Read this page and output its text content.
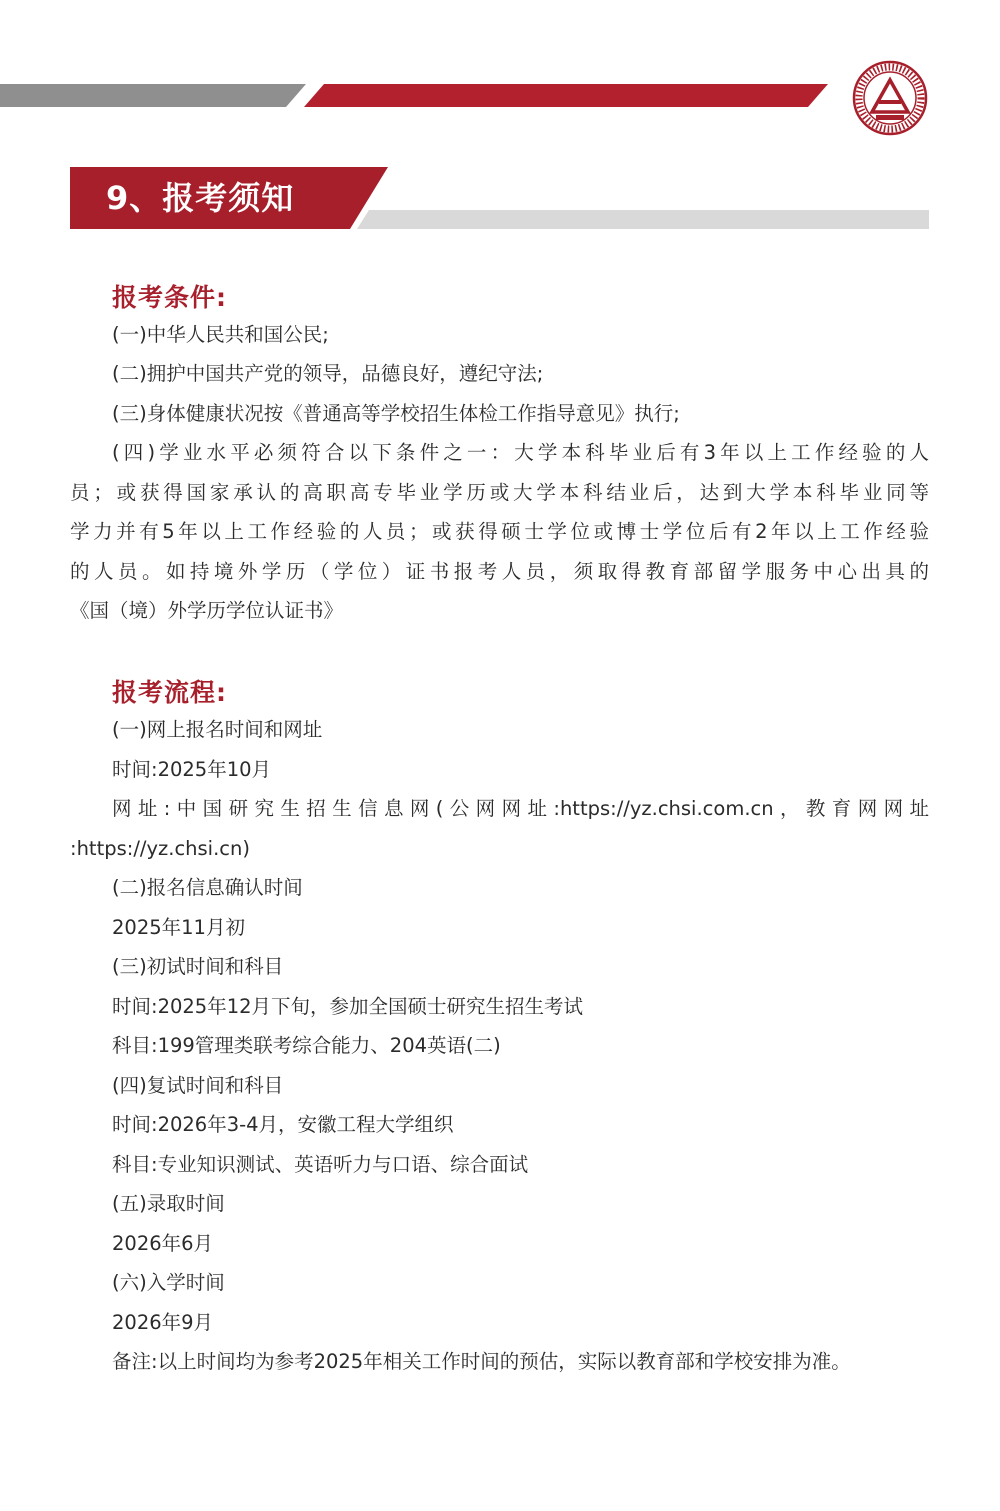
9、报考须知
报考条件:
(一)中华人民共和国公民;
(二)拥护中国共产党的领导，品德良好，遵纪守法;
(三)身体健康状况按《普通高等学校招生体检工作指导意见》执行;
(四)学业水平必须符合以下条件之一：大学本科毕业后有3年以上工作经验的人
员；或获得国家承认的高职高专毕业学历或大学本科结业后，达到大学本科毕业同等
学力并有5年以上工作经验的人员；或获得硕士学位或博士学位后有2年以上工作经验
的人员。如持境外学历（学位）证书报考人员，须取得教育部留学服务中心出具的
《国（境）外学历学位认证书》
报考流程:
(一)网上报名时间和网址
时间:2025年10月
网址:中国研究生招生信息网(公网网址:https://yz.chsi.com.cn，教育网网址
:https://yz.chsi.cn)
(二)报名信息确认时间
2025年11月初
(三)初试时间和科目
时间:2025年12月下旬，参加全国硕士研究生招生考试
科目:199管理类联考综合能力、204英语(二)
(四)复试时间和科目
时间:2026年3-4月，安徽工程大学组织
科目:专业知识测试、英语听力与口语、综合面试
(五)录取时间
2026年6月
(六)入学时间
2026年9月
备注:以上时间均为参考2025年相关工作时间的预估，实际以教育部和学校安排为准。
